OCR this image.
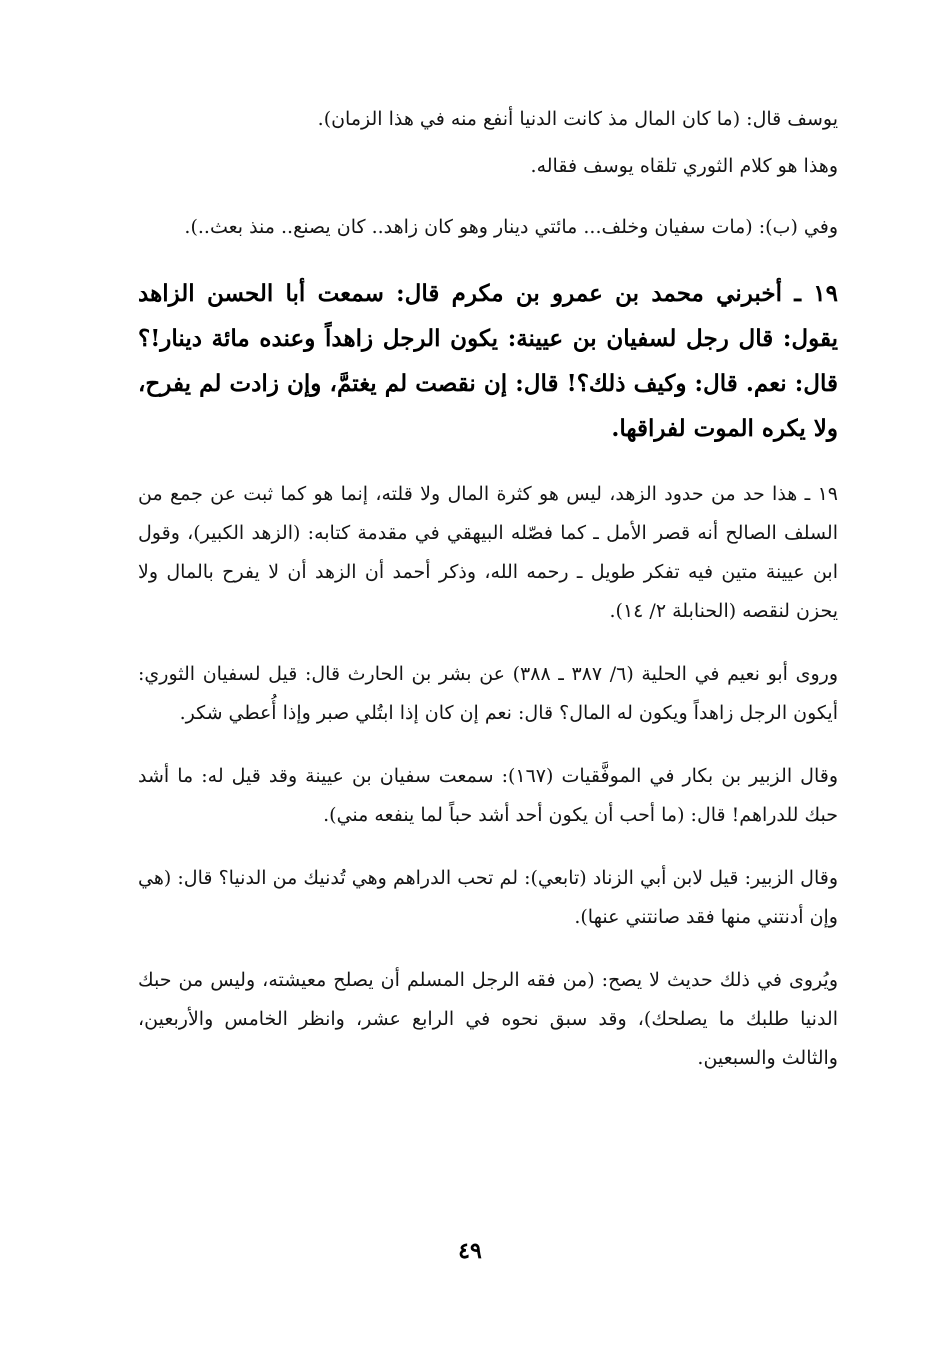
يوسف قال: (ما كان المال مذ كانت الدنيا أنفع منه في هذا الزمان).

وهذا هو كلام الثوري تلقاه يوسف فقاله.

وفي (ب): (مات سفيان وخلف... مائتي دينار وهو كان زاهد.. كان يصنع.. منذ بعث..).

١٩ ـ أخبرني محمد بن عمرو بن مكرم قال: سمعت أبا الحسن الزاهد يقول: قال رجل لسفيان بن عيينة: يكون الرجل زاهداً وعنده مائة دينار!؟ قال: نعم. قال: وكيف ذلك؟! قال: إن نقصت لم يغتمَّ، وإن زادت لم يفرح، ولا يكره الموت لفراقها.

١٩ ـ هذا حد من حدود الزهد، ليس هو كثرة المال ولا قلته، إنما هو كما ثبت عن جمع من السلف الصالح أنه قصر الأمل ـ كما فصّله البيهقي في مقدمة كتابه: (الزهد الكبير)، وقول ابن عيينة متين فيه تفكر طويل ـ رحمه الله، وذكر أحمد أن الزهد أن لا يفرح بالمال ولا يحزن لنقصه (الحنابلة ٢/ ١٤).

وروى أبو نعيم في الحلية (٦/ ٣٨٧ ـ ٣٨٨) عن بشر بن الحارث قال: قيل لسفيان الثوري: أيكون الرجل زاهداً ويكون له المال؟ قال: نعم إن كان إذا ابتُلي صبر وإذا أُعطي شكر.

وقال الزبير بن بكار في الموفَّقيات (١٦٧): سمعت سفيان بن عيينة وقد قيل له: ما أشد حبك للدراهم! قال: (ما أحب أن يكون أحد أشد حباً لما ينفعه مني).

وقال الزبير: قيل لابن أبي الزناد (تابعي): لم تحب الدراهم وهي تُدنيك من الدنيا؟ قال: (هي وإن أدنتني منها فقد صانتني عنها).

ويُروى في ذلك حديث لا يصح: (من فقه الرجل المسلم أن يصلح معيشته، وليس من حبك الدنيا طلبك ما يصلحك)، وقد سبق نحوه في الرابع عشر، وانظر الخامس والأربعين، والثالث والسبعين.

٤٩
